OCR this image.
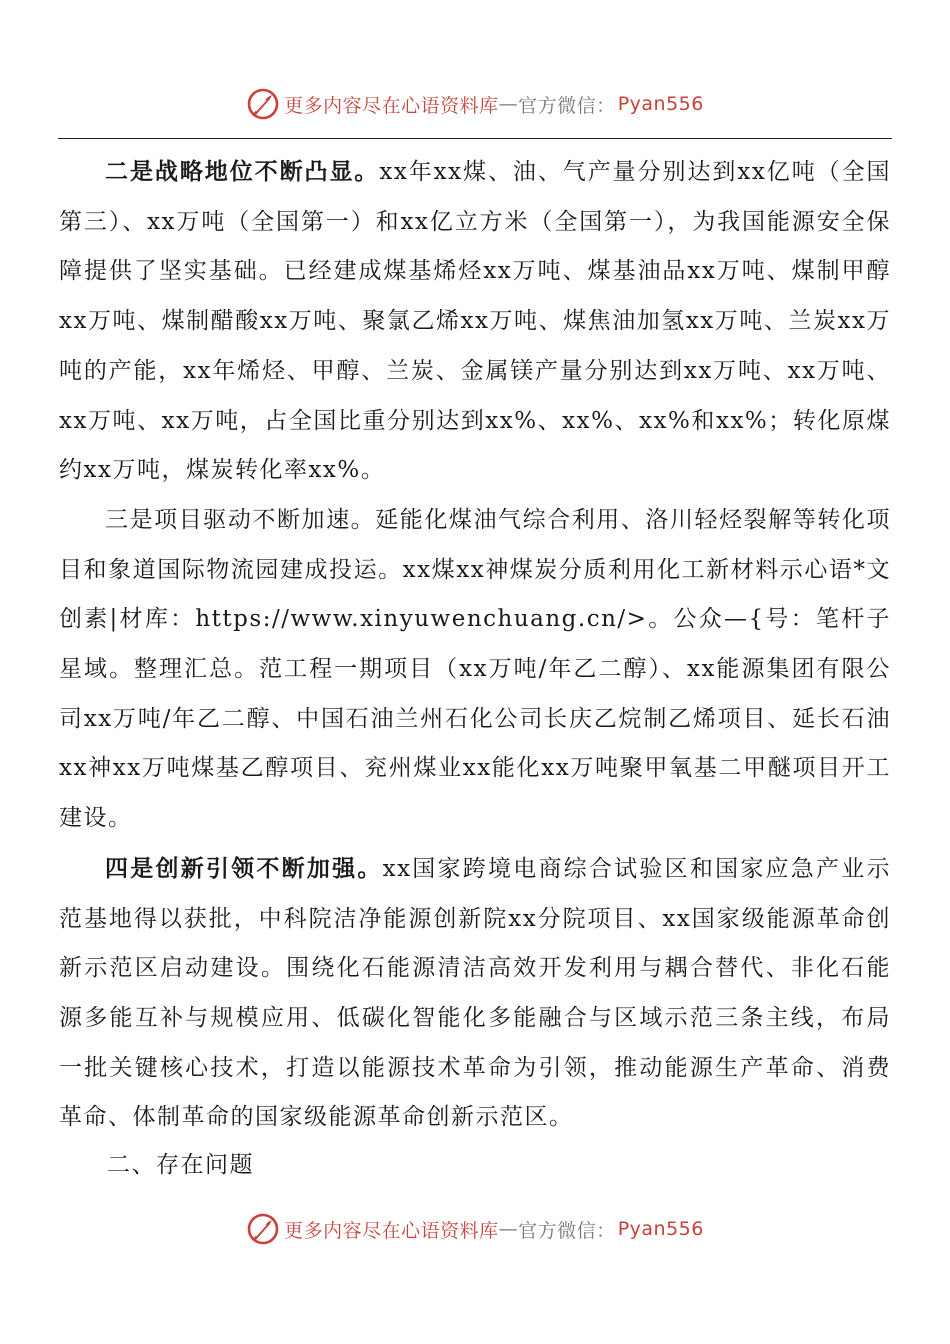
更多内容尽在心语资料库 — 官方微信： Pyan556

二是战略地位不断凸显。xx年xx煤、油、气产量分别达到xx亿吨（全国第三）、xx万吨（全国第一）和xx亿立方米（全国第一），为我国能源安全保障提供了坚实基础。已经建成煤基烯烃xx万吨、煤基油品xx万吨、煤制甲醇xx万吨、煤制醋酸xx万吨、聚氯乙烯xx万吨、煤焦油加氢xx万吨、兰炭xx万吨的产能，xx年烯烃、甲醇、兰炭、金属镁产量分别达到xx万吨、xx万吨、xx万吨、xx万吨，占全国比重分别达到xx%、xx%、xx%和xx%；转化原煤约xx万吨，煤炭转化率xx%。

三是项目驱动不断加速。延能化煤油气综合利用、洛川轻烃裂解等转化项目和象道国际物流园建成投运。xx煤xx神煤炭分质利用化工新材料示心语*文创素|材库：https://www.xinyuwenchuang.cn/>。公众—{号：笔杆子星域。整理汇总。范工程一期项目（xx万吨/年乙二醇）、xx能源集团有限公司xx万吨/年乙二醇、中国石油兰州石化公司长庆乙烷制乙烯项目、延长石油xx神xx万吨煤基乙醇项目、兖州煤业xx能化xx万吨聚甲氧基二甲醚项目开工建设。

四是创新引领不断加强。xx国家跨境电商综合试验区和国家应急产业示范基地得以获批，中科院洁净能源创新院xx分院项目、xx国家级能源革命创新示范区启动建设。围绕化石能源清洁高效开发利用与耦合替代、非化石能源多能互补与规模应用、低碳化智能化多能融合与区域示范三条主线，布局一批关键核心技术，打造以能源技术革命为引领，推动能源生产革命、消费革命、体制革命的国家级能源革命创新示范区。

二、存在问题
更多内容尽在心语资料库 — 官方微信： Pyan556
